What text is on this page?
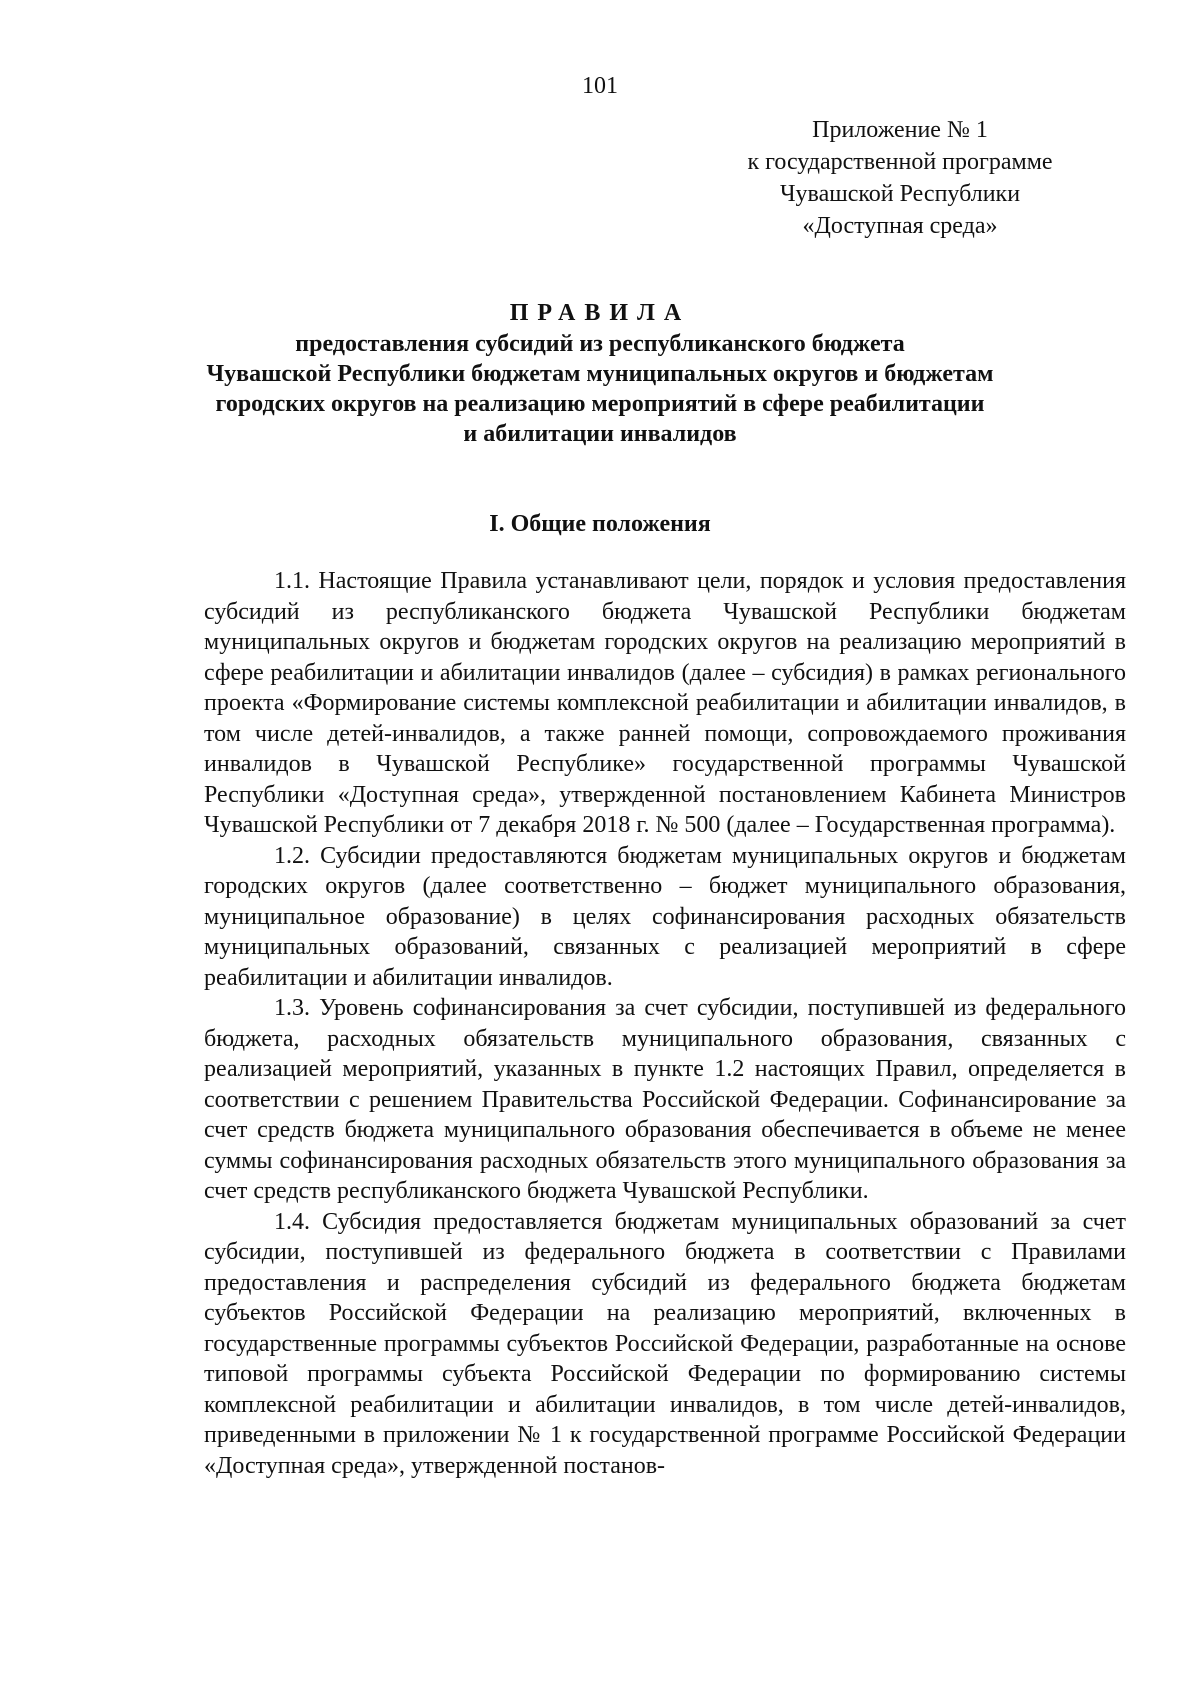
101
Приложение № 1
к государственной программе
Чувашской Республики
«Доступная среда»
ПРАВИЛА
предоставления субсидий из республиканского бюджета
Чувашской Республики бюджетам муниципальных округов и бюджетам
городских округов на реализацию мероприятий в сфере реабилитации
и абилитации инвалидов
I. Общие положения

1.1. Настоящие Правила устанавливают цели, порядок и условия предоставления субсидий из республиканского бюджета Чувашской Республики бюджетам муниципальных округов и бюджетам городских округов на реализацию мероприятий в сфере реабилитации и абилитации инвалидов (далее – субсидия) в рамках регионального проекта «Формирование системы комплексной реабилитации и абилитации инвалидов, в том числе детей-инвалидов, а также ранней помощи, сопровождаемого проживания инвалидов в Чувашской Республике» государственной программы Чувашской Республики «Доступная среда», утвержденной постановлением Кабинета Министров Чувашской Республики от 7 декабря 2018 г. № 500 (далее – Государственная программа).

1.2. Субсидии предоставляются бюджетам муниципальных округов и бюджетам городских округов (далее соответственно – бюджет муниципального образования, муниципальное образование) в целях софинансирования расходных обязательств муниципальных образований, связанных с реализацией мероприятий в сфере реабилитации и абилитации инвалидов.

1.3. Уровень софинансирования за счет субсидии, поступившей из федерального бюджета, расходных обязательств муниципального образования, связанных с реализацией мероприятий, указанных в пункте 1.2 настоящих Правил, определяется в соответствии с решением Правительства Российской Федерации. Софинансирование за счет средств бюджета муниципального образования обеспечивается в объеме не менее суммы софинансирования расходных обязательств этого муниципального образования за счет средств республиканского бюджета Чувашской Республики.

1.4. Субсидия предоставляется бюджетам муниципальных образований за счет субсидии, поступившей из федерального бюджета в соответствии с Правилами предоставления и распределения субсидий из федерального бюджета бюджетам субъектов Российской Федерации на реализацию мероприятий, включенных в государственные программы субъектов Российской Федерации, разработанные на основе типовой программы субъекта Российской Федерации по формированию системы комплексной реабилитации и абилитации инвалидов, в том числе детей-инвалидов, приведенными в приложении № 1 к государственной программе Российской Федерации «Доступная среда», утвержденной постанов-
